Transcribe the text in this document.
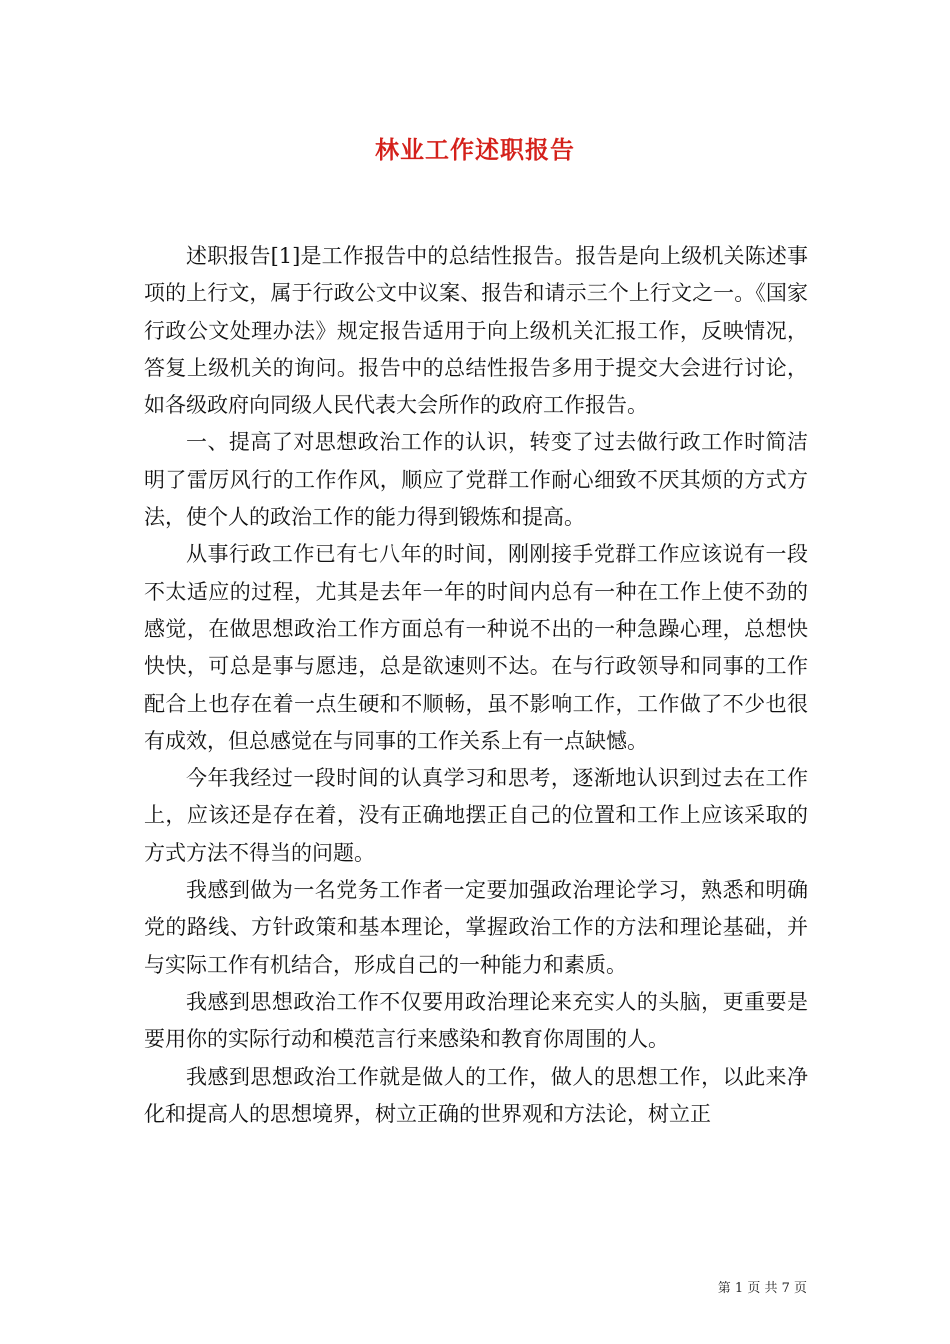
林业工作述职报告

述职报告[1]是工作报告中的总结性报告。报告是向上级机关陈述事项的上行文，属于行政公文中议案、报告和请示三个上行文之一。《国家行政公文处理办法》规定报告适用于向上级机关汇报工作，反映情况，答复上级机关的询问。报告中的总结性报告多用于提交大会进行讨论，如各级政府向同级人民代表大会所作的政府工作报告。

一、提高了对思想政治工作的认识，转变了过去做行政工作时简洁明了雷厉风行的工作作风，顺应了党群工作耐心细致不厌其烦的方式方法，使个人的政治工作的能力得到锻炼和提高。

从事行政工作已有七八年的时间，刚刚接手党群工作应该说有一段不太适应的过程，尤其是去年一年的时间内总有一种在工作上使不劲的感觉，在做思想政治工作方面总有一种说不出的一种急躁心理，总想快快快，可总是事与愿违，总是欲速则不达。在与行政领导和同事的工作配合上也存在着一点生硬和不顺畅，虽不影响工作，工作做了不少也很有成效，但总感觉在与同事的工作关系上有一点缺憾。

今年我经过一段时间的认真学习和思考，逐渐地认识到过去在工作上，应该还是存在着，没有正确地摆正自己的位置和工作上应该采取的方式方法不得当的问题。

我感到做为一名党务工作者一定要加强政治理论学习，熟悉和明确党的路线、方针政策和基本理论，掌握政治工作的方法和理论基础，并与实际工作有机结合，形成自己的一种能力和素质。

我感到思想政治工作不仅要用政治理论来充实人的头脑，更重要是要用你的实际行动和模范言行来感染和教育你周围的人。

我感到思想政治工作就是做人的工作，做人的思想工作，以此来净化和提高人的思想境界，树立正确的世界观和方法论，树立正

第 1 页 共 7 页
